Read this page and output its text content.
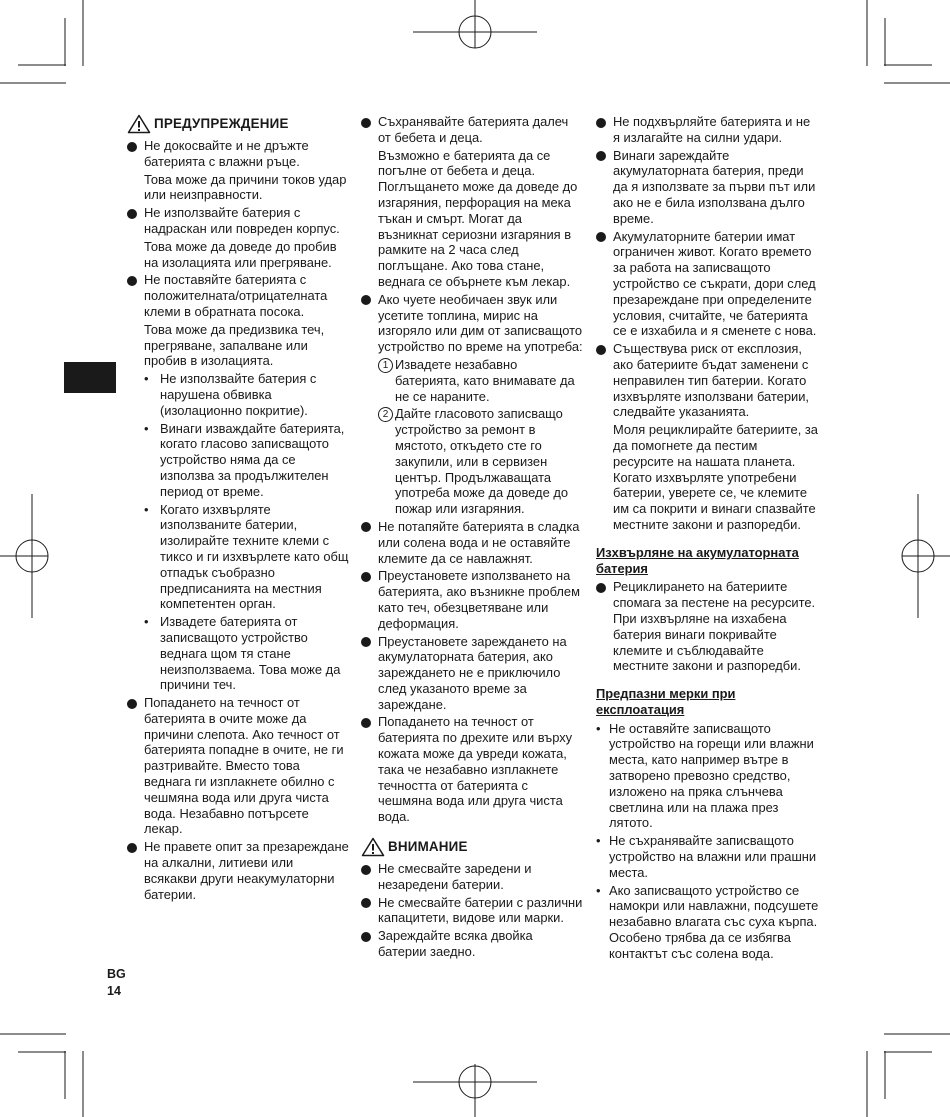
BG
14
ПРЕДУПРЕЖДЕНИЕ
Не докосвайте и не дръжте батерията с влажни ръце.
Това може да причини токов удар или неизправности.
Не използвайте батерия с надраскан или повреден корпус.
Това може да доведе до пробив на изолацията или прегряване.
Не поставяйте батерията с положителната/отрицателната клеми в обратната посока.
Това може да предизвика теч, прегряване, запалване или пробив в изолацията.
• Не използвайте батерия с нарушена обвивка (изолационно покритие).
• Винаги изваждайте батерията, когато гласово записващото устройство няма да се използва за продължителен период от време.
• Когато изхвърляте използваните батерии, изолирайте техните клеми с тиксо и ги изхвърлете като общ отпадък съобразно предписанията на местния компетентен орган.
• Извадете батерията от записващото устройство веднага щом тя стане неизползваема. Това може да причини теч.
Попадането на течност от батерията в очите може да причини слепота. Ако течност от батерията попадне в очите, не ги разтривайте. Вместо това веднага ги изплакнете обилно с чешмяна вода или друга чиста вода. Незабавно потърсете лекар.
Не правете опит за презареждане на алкални, литиеви или всякакви други неакумулаторни батерии.
Съхранявайте батерията далеч от бебета и деца.
Възможно е батерията да се погълне от бебета и деца. Поглъщането може да доведе до изгаряния, перфорация на мека тъкан и смърт. Могат да възникнат сериозни изгаряния в рамките на 2 часа след поглъщане. Ако това стане, веднага се обърнете към лекар.
Ако чуете необичаен звук или усетите топлина, мирис на изгоряло или дим от записващото устройство по време на употреба:
1 Извадете незабавно батерията, като внимавате да не се нараните.
2 Дайте гласовото записващо устройство за ремонт в мястото, откъдето сте го закупили, или в сервизен център. Продължаващата употреба може да доведе до пожар или изгаряния.
Не потапяйте батерията в сладка или солена вода и не оставяйте клемите да се навлажнят.
Преустановете използването на батерията, ако възникне проблем като теч, обезцветяване или деформация.
Преустановете зареждането на акумулаторната батерия, ако зареждането не е приключило след указаното време за зареждане.
Попадането на течност от батерията по дрехите или върху кожата може да увреди кожата, така че незабавно изплакнете течността от батерията с чешмяна вода или друга чиста вода.
ВНИМАНИЕ
Не смесвайте заредени и незаредени батерии.
Не смесвайте батерии с различни капацитети, видове или марки.
Зареждайте всяка двойка батерии заедно.
Не подхвърляйте батерията и не я излагайте на силни удари.
Винаги зареждайте акумулаторната батерия, преди да я използвате за първи път или ако не е била използвана дълго време.
Акумулаторните батерии имат ограничен живот. Когато времето за работа на записващото устройство се съкрати, дори след презареждане при определените условия, считайте, че батерията се е изхабила и я сменете с нова.
Съществува риск от експлозия, ако батериите бъдат заменени с неправилен тип батерии. Когато изхвърляте използвани батерии, следвайте указанията.
Моля рециклирайте батериите, за да помогнете да пестим ресурсите на нашата планета. Когато изхвърляте употребени батерии, уверете се, че клемите им са покрити и винаги спазвайте местните закони и разпоредби.
Изхвърляне на акумулаторната батерия
Рециклирането на батериите спомага за пестене на ресурсите. При изхвърляне на изхабена батерия винаги покривайте клемите и съблюдавайте местните закони и разпоредби.
Предпазни мерки при експлоатация
• Не оставяйте записващото устройство на горещи или влажни места, като например вътре в затворено превозно средство, изложено на пряка слънчева светлина или на плажа през лятото.
• Не съхранявайте записващото устройство на влажни или прашни места.
• Ако записващото устройство се намокри или навлажни, подсушете незабавно влагата със суха кърпа. Особено трябва да се избягва контактът със солена вода.
